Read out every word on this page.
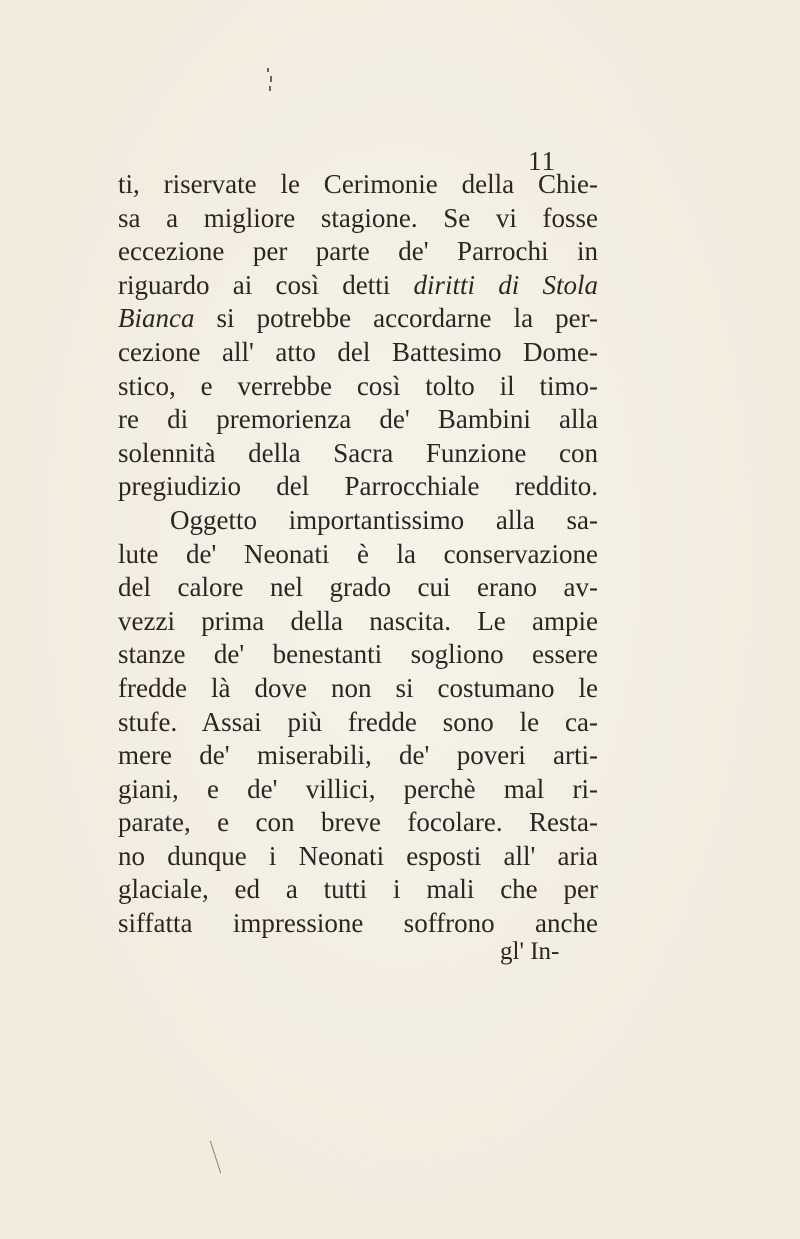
11
ti, riservate le Cerimonie della Chie-
sa a migliore stagione. Se vi fosse
eccezione per parte de' Parrochi in
riguardo ai così detti diritti di Stola
Bianca si potrebbe accordarne la per-
cezione all' atto del Battesimo Dome-
stico, e verrebbe così tolto il timo-
re di premorienza de' Bambini alla
solennità della Sacra Funzione con
pregiudizio del Parrocchiale reddito.
Oggetto importantissimo alla sa-
lute de' Neonati è la conservazione
del calore nel grado cui erano av-
vezzi prima della nascita. Le ampie
stanze de' benestanti sogliono essere
fredde là dove non si costumano le
stufe. Assai più fredde sono le ca-
mere de' miserabili, de' poveri arti-
giani, e de' villici, perchè mal ri-
parate, e con breve focolare. Resta-
no dunque i Neonati esposti all' aria
glaciale, ed a tutti i mali che per
siffatta impressione soffrono anche
gl' In-
